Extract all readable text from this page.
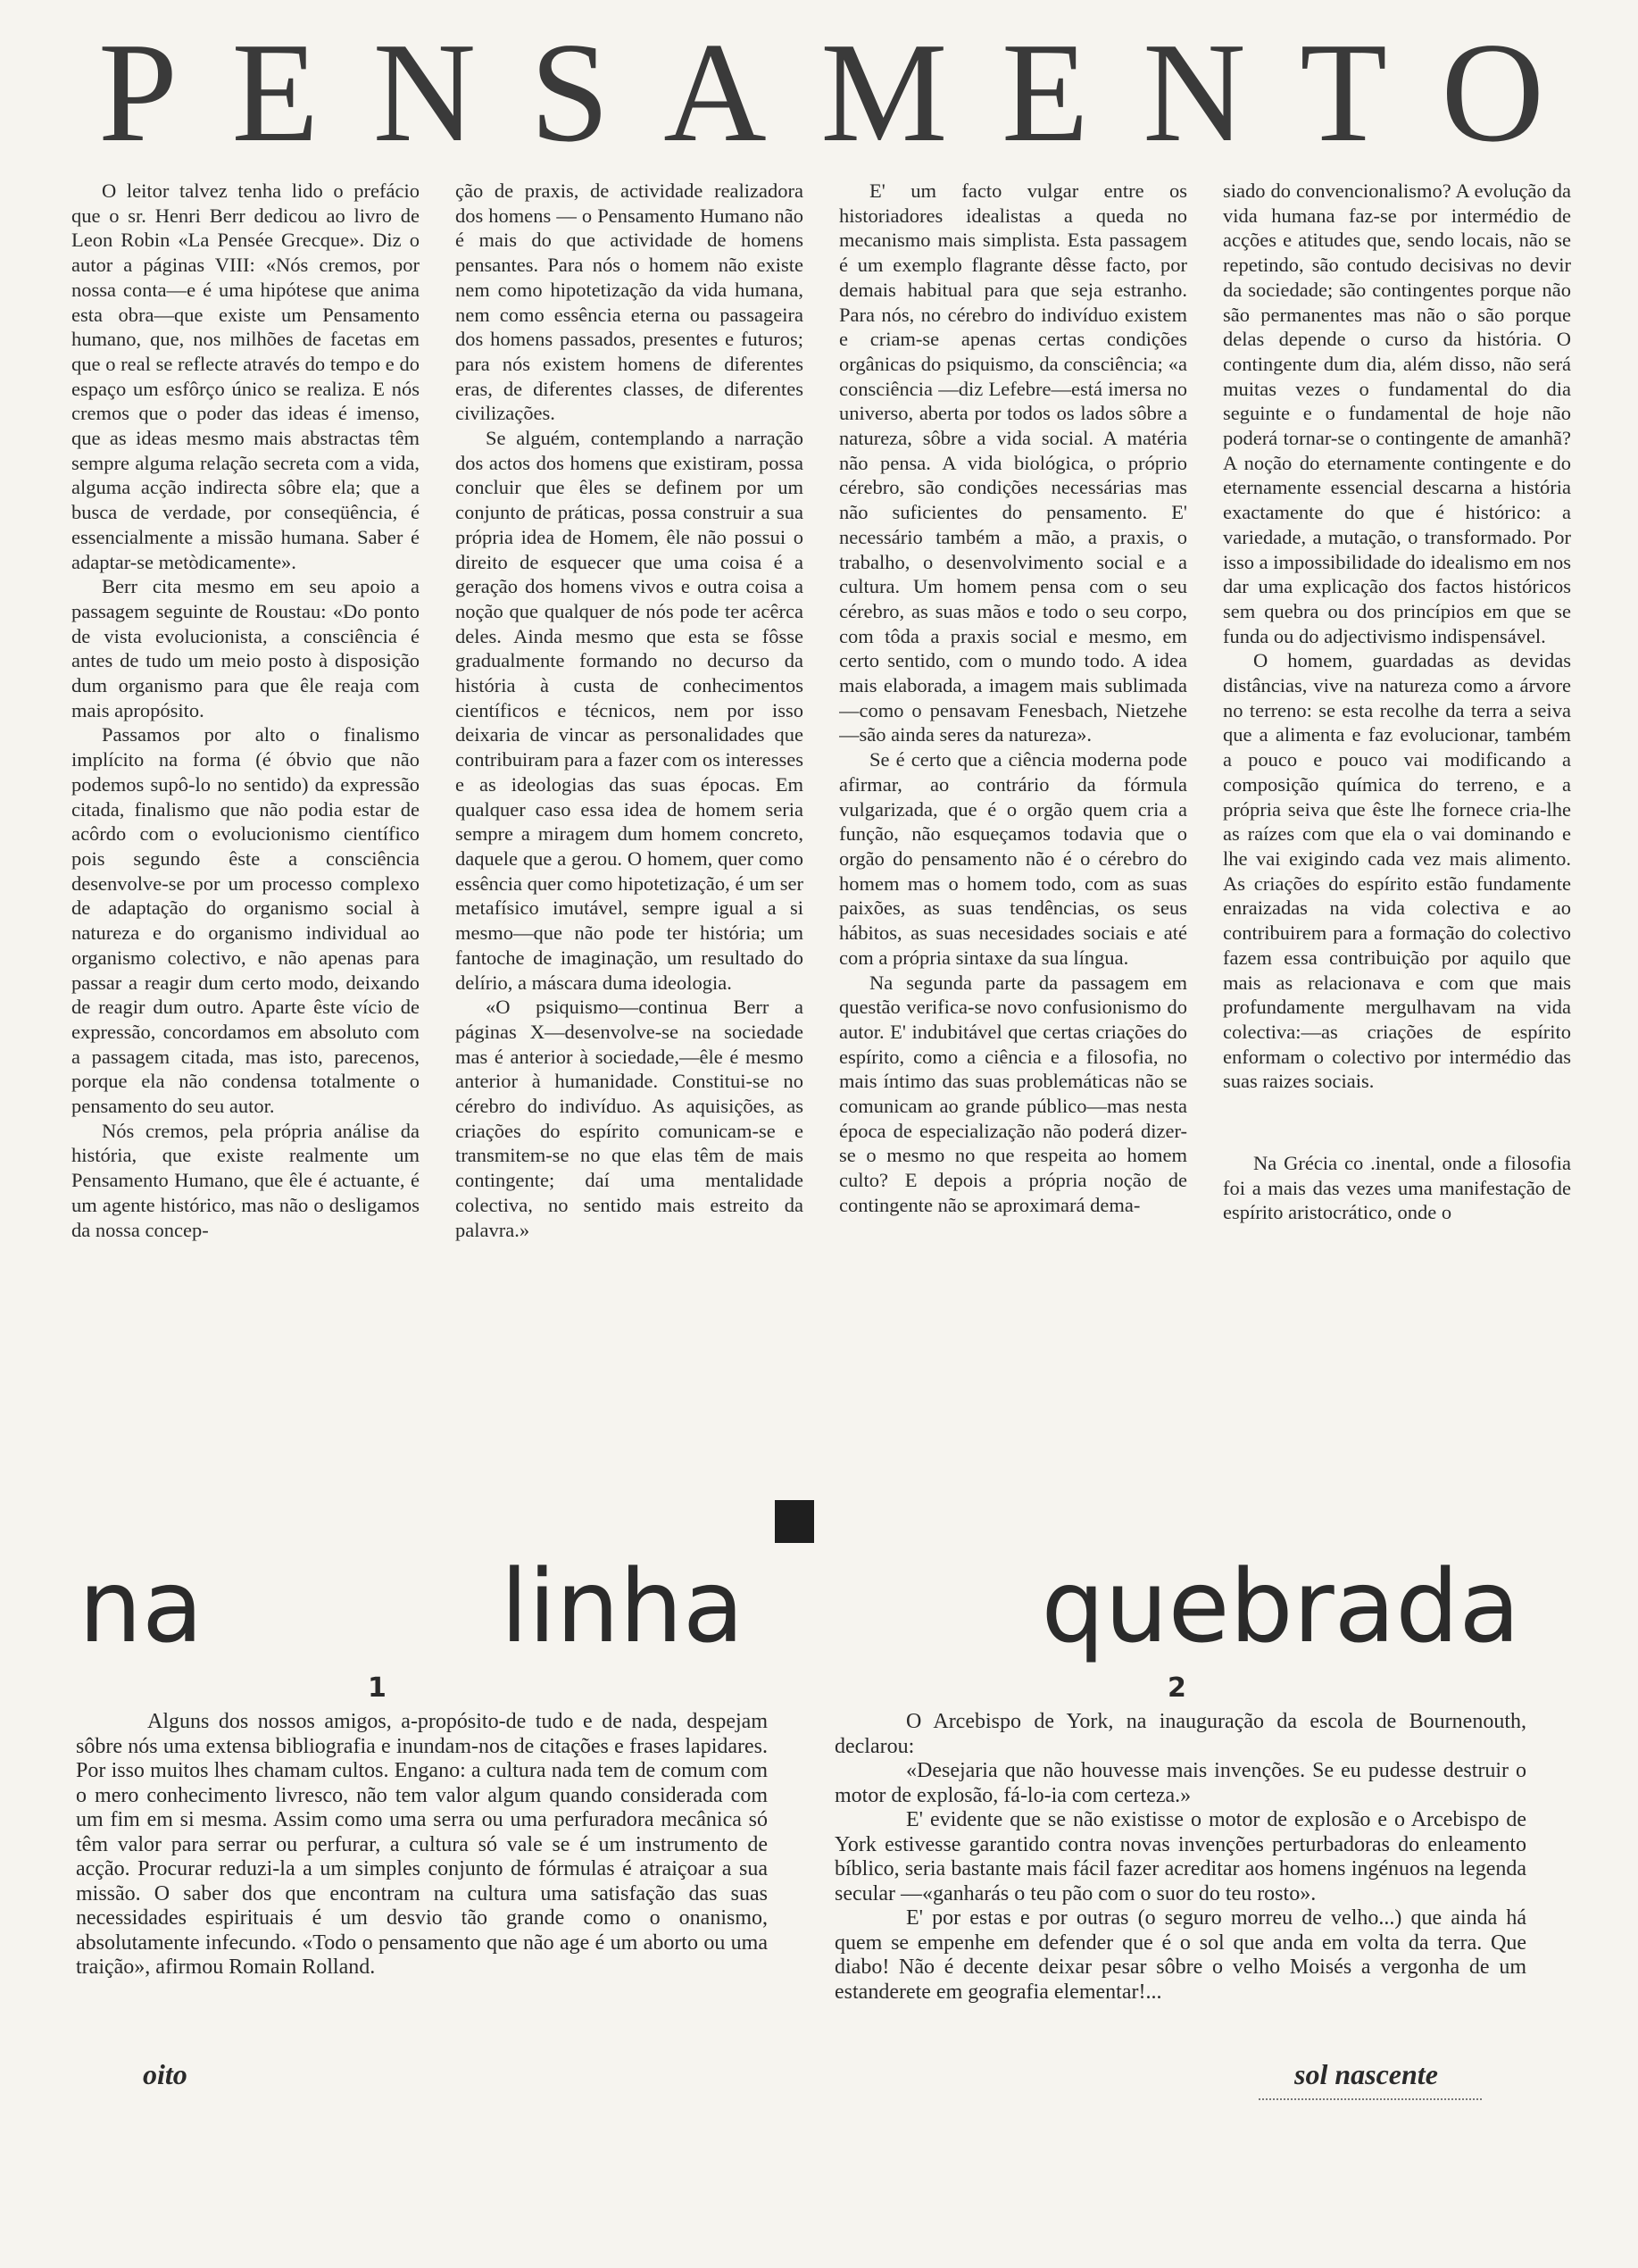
P E N S A M E N T O

O leitor talvez tenha lido o prefácio que o sr. Henri Berr dedicou ao livro de Leon Robin «La Pensée Grecque». Diz o autor a páginas VIII: «Nós cremos, por nossa conta—e é uma hipótese que anima esta obra—que existe um Pensamento humano, que, nos milhões de facetas em que o real se reflecte através do tempo e do espaço um esfôrço único se realiza. E nós cremos que o poder das ideas é imenso, que as ideas mesmo mais abstractas têm sempre alguma relação secreta com a vida, alguma acção indirecta sôbre ela; que a busca de verdade, por conseqüência, é essencialmente a missão humana. Saber é adaptar-se metòdicamente».

Berr cita mesmo em seu apoio a passagem seguinte de Roustau: «Do ponto de vista evolucionista, a consciência é antes de tudo um meio posto à disposição dum organismo para que êle reaja com mais apropósito.

Passamos por alto o finalismo implícito na forma (é óbvio que não podemos supô-lo no sentido) da expressão citada, finalismo que não podia estar de acôrdo com o evolucionismo científico pois segundo êste a consciência desenvolve-se por um processo complexo de adaptação do organismo social à natureza e do organismo individual ao organismo colectivo, e não apenas para passar a reagir dum certo modo, deixando de reagir dum outro. Aparte êste vício de expressão, concordamos em absoluto com a passagem citada, mas isto, parecenos, porque ela não condensa totalmente o pensamento do seu autor.

Nós cremos, pela própria análise da história, que existe realmente um Pensamento Humano, que êle é actuante, é um agente histórico, mas não o desligamos da nossa concep-

ção de praxis, de actividade realizadora dos homens — o Pensamento Humano não é mais do que actividade de homens pensantes. Para nós o homem não existe nem como hipotetização da vida humana, nem como essência eterna ou passageira dos homens passados, presentes e futuros; para nós existem homens de diferentes eras, de diferentes classes, de diferentes civilizações.

Se alguém, contemplando a narração dos actos dos homens que existiram, possa concluir que êles se definem por um conjunto de práticas, possa construir a sua própria idea de Homem, êle não possui o direito de esquecer que uma coisa é a geração dos homens vivos e outra coisa a noção que qualquer de nós pode ter acêrca deles. Ainda mesmo que esta se fôsse gradualmente formando no decurso da história à custa de conhecimentos científicos e técnicos, nem por isso deixaria de vincar as personalidades que contribuiram para a fazer com os interesses e as ideologias das suas épocas. Em qualquer caso essa idea de homem seria sempre a miragem dum homem concreto, daquele que a gerou. O homem, quer como essência quer como hipotetização, é um ser metafísico imutável, sempre igual a si mesmo—que não pode ter história; um fantoche de imaginação, um resultado do delírio, a máscara duma ideologia.

«O psiquismo—continua Berr a páginas X—desenvolve-se na sociedade mas é anterior à sociedade,—êle é mesmo anterior à humanidade. Constitui-se no cérebro do indivíduo. As aquisições, as criações do espírito comunicam-se e transmitem-se no que elas têm de mais contingente; daí uma mentalidade colectiva, no sentido mais estreito da palavra.»

E' um facto vulgar entre os historiadores idealistas a queda no mecanismo mais simplista. Esta passagem é um exemplo flagrante dêsse facto, por demais habitual para que seja estranho. Para nós, no cérebro do indivíduo existem e criam-se apenas certas condições orgânicas do psiquismo, da consciência; «a consciência —diz Lefebre—está imersa no universo, aberta por todos os lados sôbre a natureza, sôbre a vida social. A matéria não pensa. A vida biológica, o próprio cérebro, são condições necessárias mas não suficientes do pensamento. E' necessário também a mão, a praxis, o trabalho, o desenvolvimento social e a cultura. Um homem pensa com o seu cérebro, as suas mãos e todo o seu corpo, com tôda a praxis social e mesmo, em certo sentido, com o mundo todo. A idea mais elaborada, a imagem mais sublimada—como o pensavam Fenesbach, Nietzehe—são ainda seres da natureza».

Se é certo que a ciência moderna pode afirmar, ao contrário da fórmula vulgarizada, que é o orgão quem cria a função, não esqueçamos todavia que o orgão do pensamento não é o cérebro do homem mas o homem todo, com as suas paixões, as suas tendências, os seus hábitos, as suas necesidades sociais e até com a própria sintaxe da sua língua.

Na segunda parte da passagem em questão verifica-se novo confusionismo do autor. E' indubitável que certas criações do espírito, como a ciência e a filosofia, no mais íntimo das suas problemáticas não se comunicam ao grande público—mas nesta época de especialização não poderá dizer-se o mesmo no que respeita ao homem culto? E depois a própria noção de contingente não se aproximará dema-

siado do convencionalismo? A evolução da vida humana faz-se por intermédio de acções e atitudes que, sendo locais, não se repetindo, são contudo decisivas no devir da sociedade; são contingentes porque não são permanentes mas não o são porque delas depende o curso da história. O contingente dum dia, além disso, não será muitas vezes o fundamental do dia seguinte e o fundamental de hoje não poderá tornar-se o contingente de amanhã? A noção do eternamente contingente e do eternamente essencial descarna a história exactamente do que é histórico: a variedade, a mutação, o transformado. Por isso a impossibilidade do idealismo em nos dar uma explicação dos factos históricos sem quebra ou dos princípios em que se funda ou do adjectivismo indispensável.

O homem, guardadas as devidas distâncias, vive na natureza como a árvore no terreno: se esta recolhe da terra a seiva que a alimenta e faz evolucionar, também a pouco e pouco vai modificando a composição química do terreno, e a própria seiva que êste lhe fornece cria-lhe as raízes com que ela o vai dominando e lhe vai exigindo cada vez mais alimento. As criações do espírito estão fundamente enraizadas na vida colectiva e ao contribuirem para a formação do colectivo fazem essa contribuição por aquilo que mais as relacionava e com que mais profundamente mergulhavam na vida colectiva:—as criações de espírito enformam o colectivo por intermédio das suas raizes sociais.

Na Grécia co .inental, onde a filosofia foi a mais das vezes uma manifestação de espírito aristocrático, onde o

na	linha	quebrada
1	2

Alguns dos nossos amigos, a-propósito-de tudo e de nada, despejam sôbre nós uma extensa bibliografia e inundam-nos de citações e frases lapidares. Por isso muitos lhes chamam cultos. Engano: a cultura nada tem de comum com o mero conhecimento livresco, não tem valor algum quando considerada com um fim em si mesma. Assim como uma serra ou uma perfuradora mecânica só têm valor para serrar ou perfurar, a cultura só vale se é um instrumento de acção. Procurar reduzi-la a um simples conjunto de fórmulas é atraiçoar a sua missão. O saber dos que encontram na cultura uma satisfação das suas necessidades espirituais é um desvio tão grande como o onanismo, absolutamente infecundo. «Todo o pensamento que não age é um aborto ou uma traição», afirmou Romain Rolland.

O Arcebispo de York, na inauguração da escola de Bournenouth, declarou:

«Desejaria que não houvesse mais invenções. Se eu pudesse destruir o motor de explosão, fá-lo-ia com certeza.»

E' evidente que se não existisse o motor de explosão e o Arcebispo de York estivesse garantido contra novas invenções perturbadoras do enleamento bíblico, seria bastante mais fácil fazer acreditar aos homens ingénuos na legenda secular —«ganharás o teu pão com o suor do teu rosto».

E' por estas e por outras (o seguro morreu de velho...) que ainda há quem se empenhe em defender que é o sol que anda em volta da terra. Que diabo! Não é decente deixar pesar sôbre o velho Moisés a vergonha de um estanderete em geografia elementar!...

oito	sol nascente
